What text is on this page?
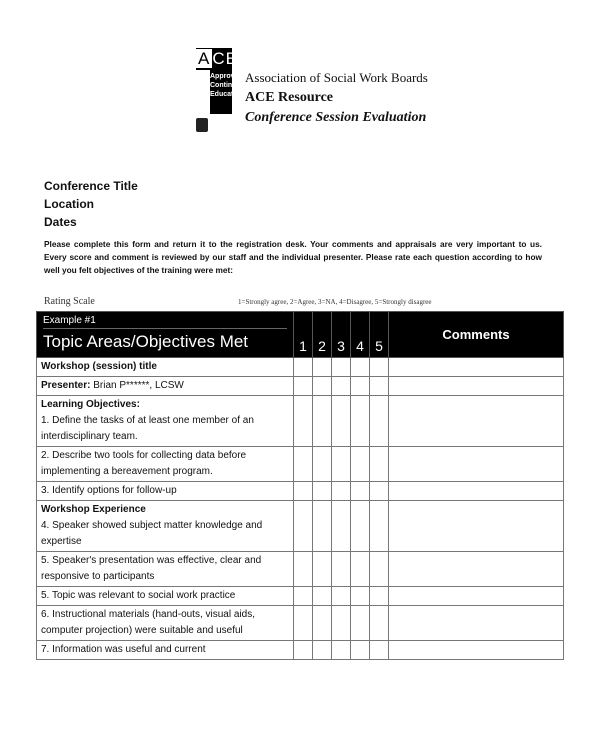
A CE
Approved
Continuing
Education
Association of Social Work Boards
ACE Resource
Conference Session Evaluation
Conference Title
Location
Dates
Please complete this form and return it to the registration desk. Your comments and appraisals are very important to us. Every score and comment is reviewed by our staff and the individual presenter. Please rate each question according to how well you felt objectives of the training were met:
Rating Scale	1=Strongly agree, 2=Agree, 3=NA, 4=Disagree, 5=Strongly disagree
Example #1
Topic Areas/Objectives Met	1	2	3	4	5	Comments
Workshop (session) title						
Presenter: Brian P******, LCSW						
Learning Objectives:
1. Define the tasks of at least one member of an interdisciplinary team.						
2. Describe two tools for collecting data before implementing a bereavement program.						
3. Identify options for follow-up						
Workshop Experience
4. Speaker showed subject matter knowledge and expertise						
5. Speaker's presentation was effective, clear and responsive to participants						
5. Topic was relevant to social work practice						
6. Instructional materials (hand-outs, visual aids, computer projection) were suitable and useful						
7. Information was useful and current						
